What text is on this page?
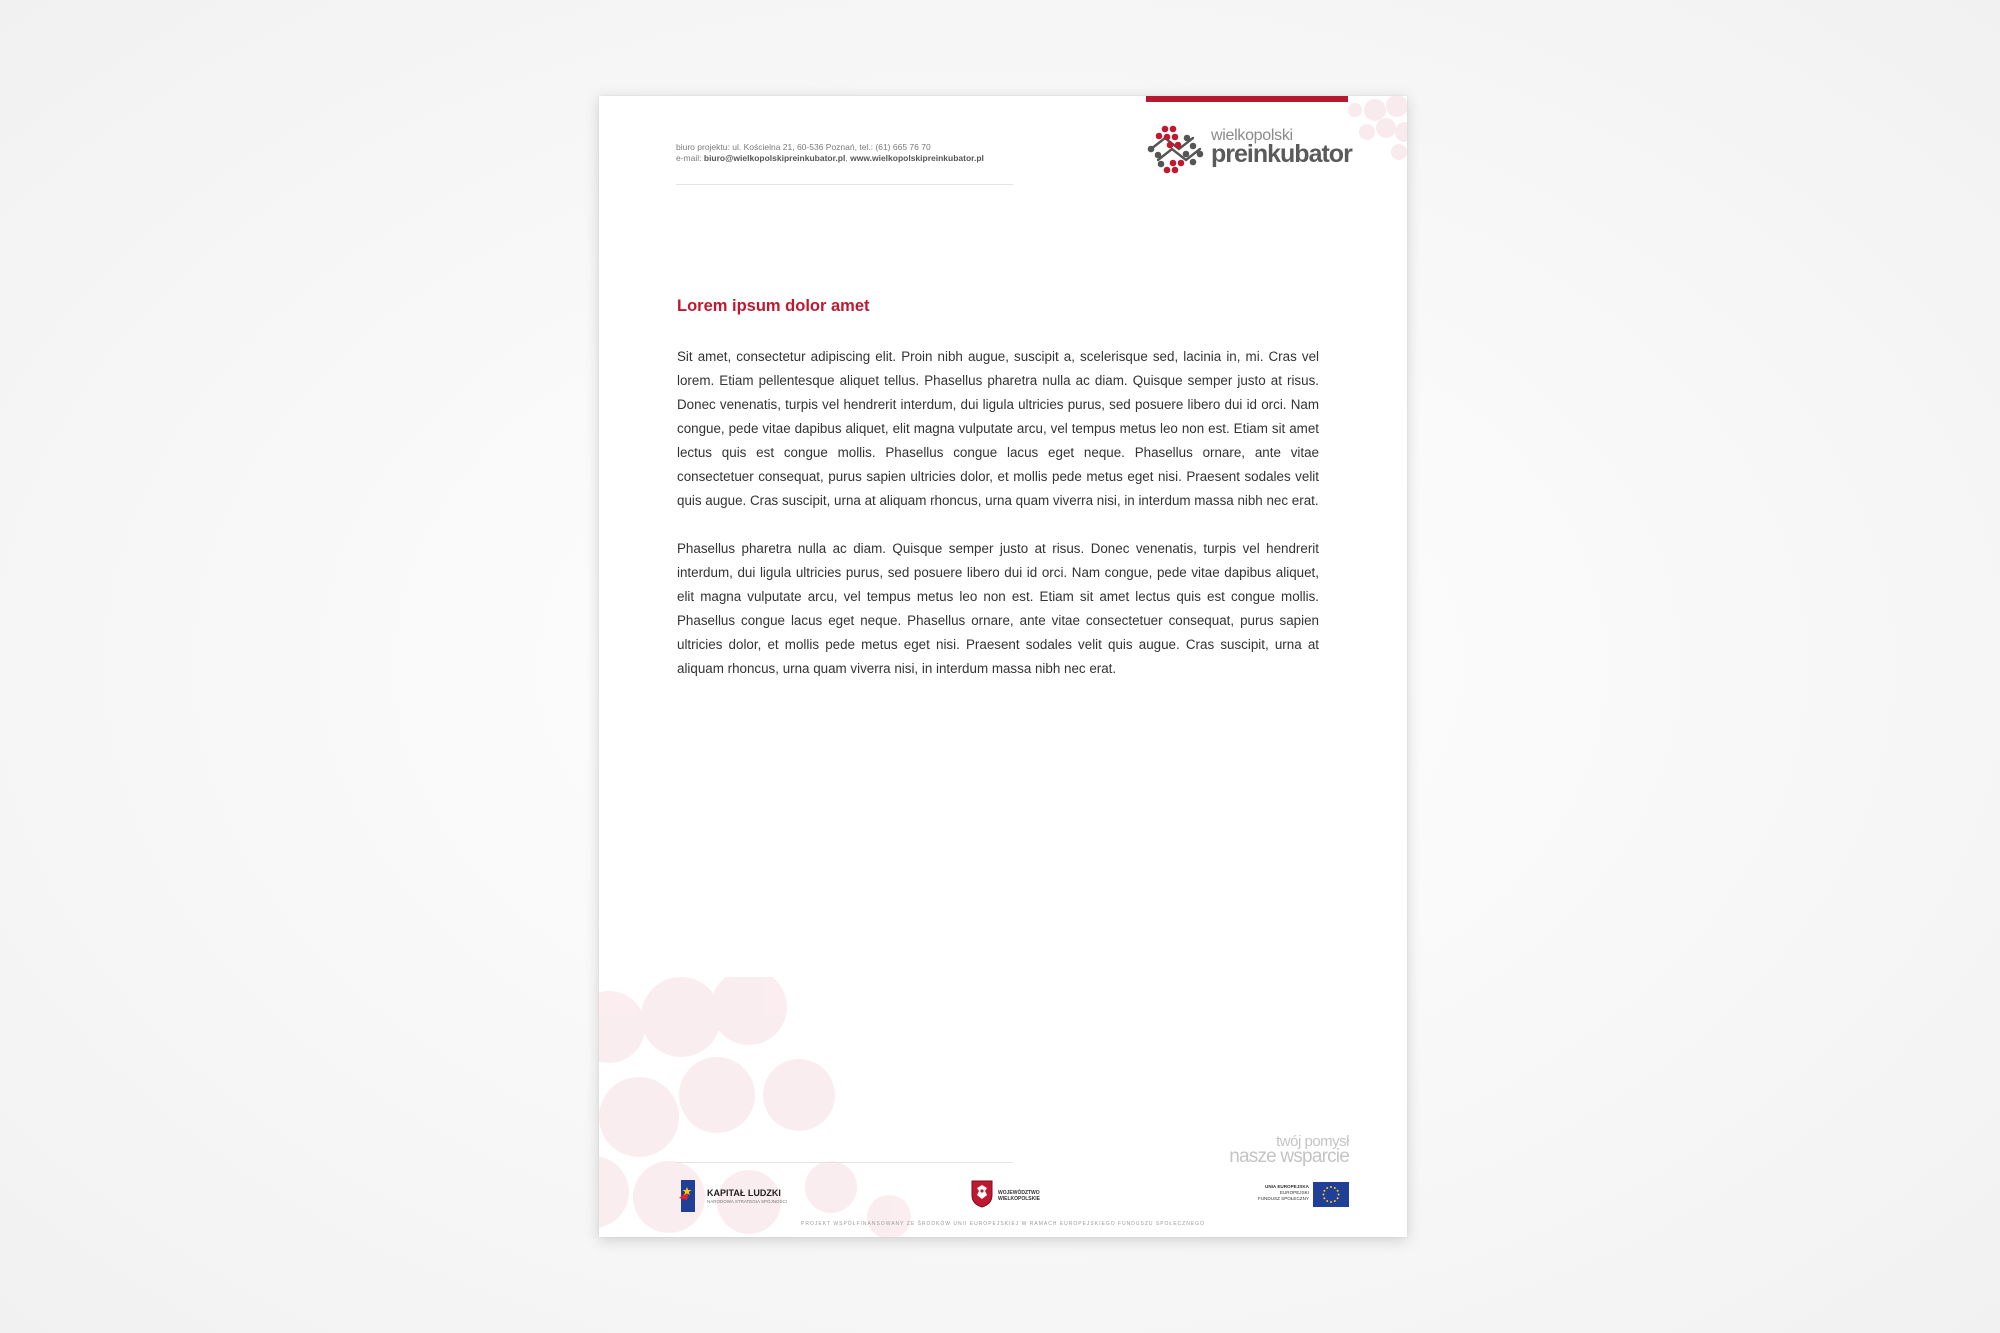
biuro projektu: ul. Kościelna 21, 60-536 Poznań, tel.: (61) 665 76 70
e-mail: biuro@wielkopolskipreinkubator.pl, www.wielkopolskipreinkubator.pl
wielkopolski
preinkubator
Lorem ipsum dolor amet

Sit amet, consectetur adipiscing elit. Proin nibh augue, suscipit a, scelerisque sed, lacinia in, mi. Cras vel lorem. Etiam pellentesque aliquet tellus. Phasellus pharetra nulla ac diam. Quisque semper justo at risus. Donec venenatis, turpis vel hendrerit interdum, dui ligula ultricies purus, sed posuere libero dui id orci. Nam congue, pede vitae dapibus aliquet, elit magna vulputate arcu, vel tempus metus leo non est. Etiam sit amet lectus quis est congue mollis. Phasellus congue lacus eget neque. Phasellus ornare, ante vitae consectetuer consequat, purus sapien ultricies dolor, et mollis pede metus eget nisi. Praesent sodales velit quis augue. Cras suscipit, urna at aliquam rhoncus, urna quam viverra nisi, in interdum massa nibh nec erat.

Phasellus pharetra nulla ac diam. Quisque semper justo at risus. Donec venenatis, turpis vel hendrerit interdum, dui ligula ultricies purus, sed posuere libero dui id orci. Nam congue, pede vitae dapibus aliquet, elit magna vulputate arcu, vel tempus metus leo non est. Etiam sit amet lectus quis est congue mollis. Phasellus congue lacus eget neque. Phasellus ornare, ante vitae consectetuer consequat, purus sapien ultricies dolor, et mollis pede metus eget nisi. Praesent sodales velit quis augue. Cras suscipit, urna at aliquam rhoncus, urna quam viverra nisi, in interdum massa nibh nec erat.

twój pomysł
nasze wsparcie
KAPITAŁ LUDZKI
NARODOWA STRATEGIA SPÓJNOŚCI
WOJEWÓDZTWO
WIELKOPOLSKIE
UNIA EUROPEJSKA
EUROPEJSKI
FUNDUSZ SPOŁECZNY
PROJEKT WSPÓŁFINANSOWANY ZE ŚRODKÓW UNII EUROPEJSKIEJ W RAMACH EUROPEJSKIEGO FUNDUSZU SPOŁECZNEGO
